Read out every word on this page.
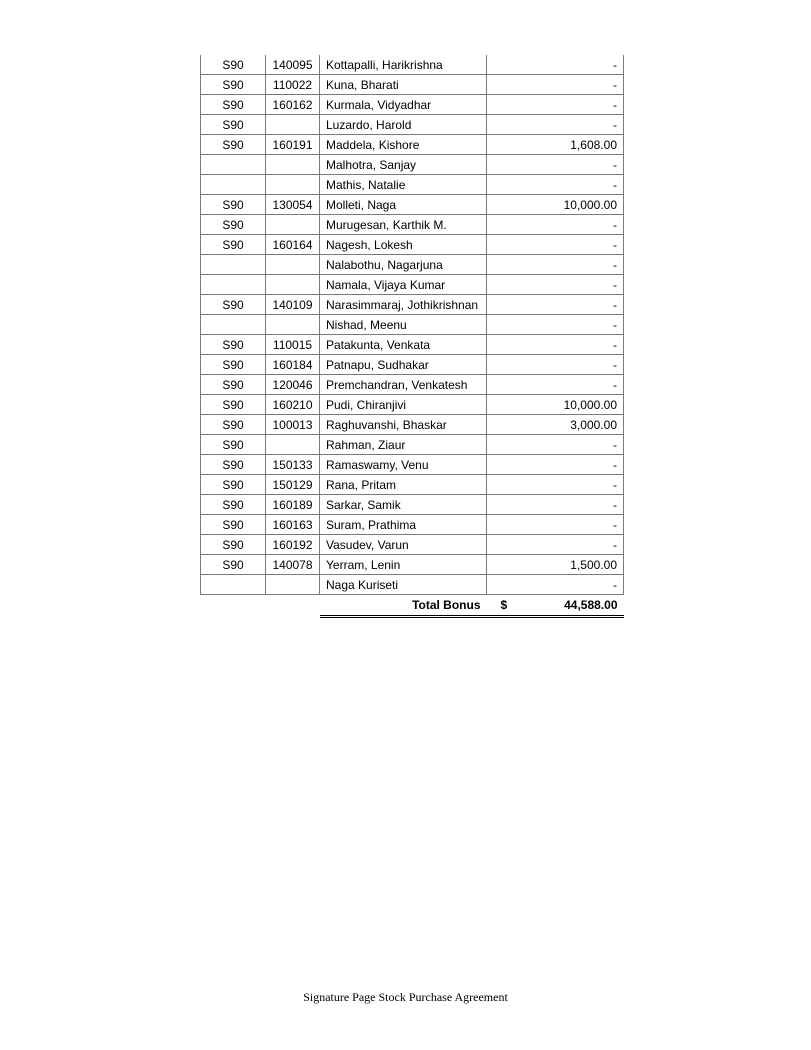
S90	140095	Kottapalli, Harikrishna	-
S90	110022	Kuna, Bharati	-
S90	160162	Kurmala, Vidyadhar	-
S90		Luzardo, Harold	-
S90	160191	Maddela, Kishore	1,608.00
		Malhotra, Sanjay	-
		Mathis, Natalie	-
S90	130054	Molleti, Naga	10,000.00
S90		Murugesan, Karthik M.	-
S90	160164	Nagesh, Lokesh	-
		Nalabothu, Nagarjuna	-
		Namala, Vijaya Kumar	-
S90	140109	Narasimmaraj, Jothikrishnan	-
		Nishad, Meenu	-
S90	110015	Patakunta, Venkata	-
S90	160184	Patnapu, Sudhakar	-
S90	120046	Premchandran, Venkatesh	-
S90	160210	Pudi, Chiranjivi	10,000.00
S90	100013	Raghuvanshi, Bhaskar	3,000.00
S90		Rahman, Ziaur	-
S90	150133	Ramaswamy, Venu	-
S90	150129	Rana, Pritam	-
S90	160189	Sarkar, Samik	-
S90	160163	Suram, Prathima	-
S90	160192	Vasudev, Varun	-
S90	140078	Yerram, Lenin	1,500.00
		Naga Kuriseti	-
		Total Bonus	$ 44,588.00
Signature Page Stock Purchase Agreement
